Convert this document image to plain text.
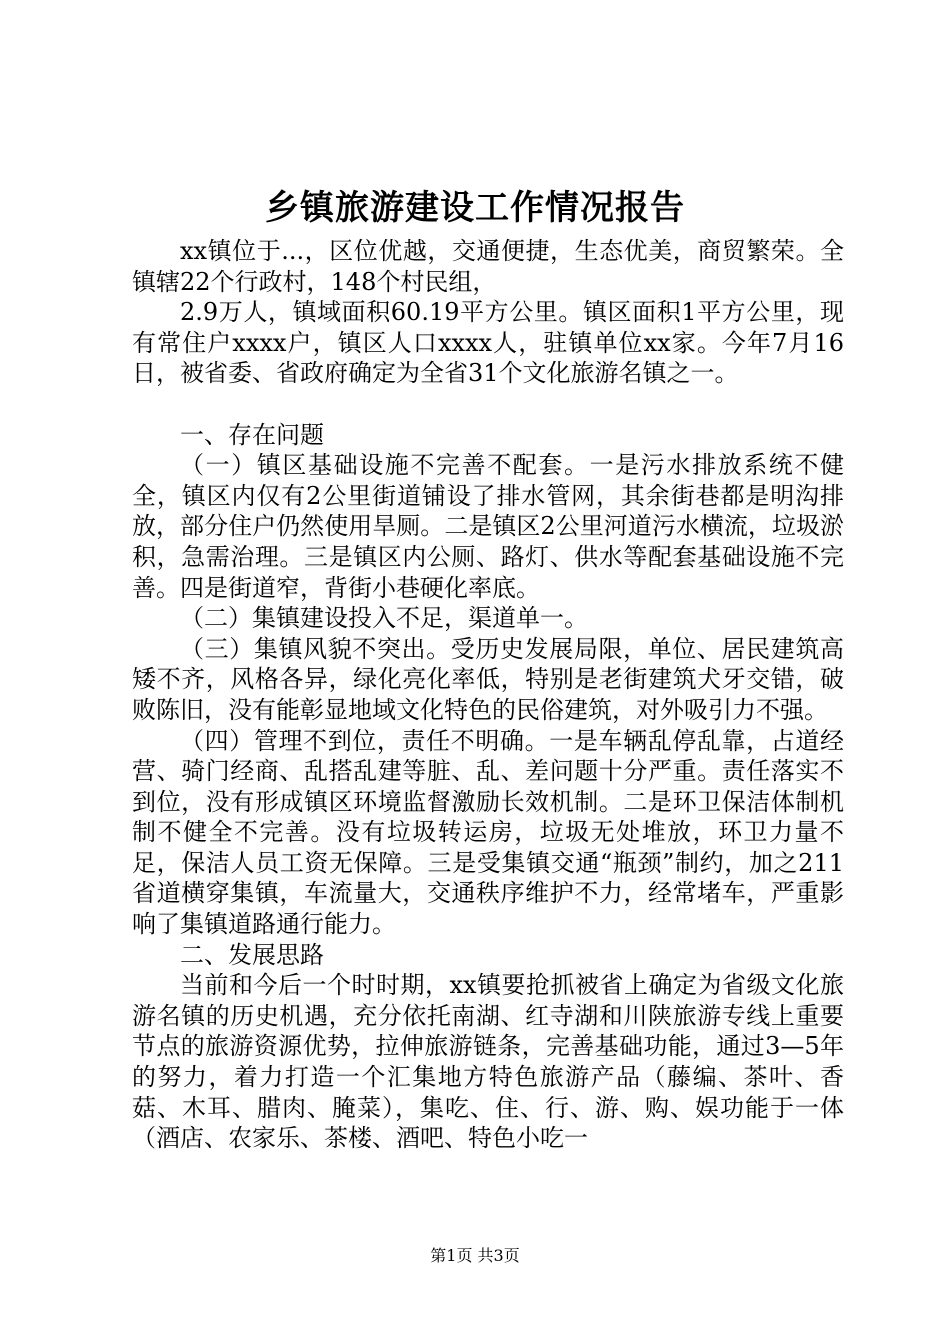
乡镇旅游建设工作情况报告

xx镇位于...，区位优越，交通便捷，生态优美，商贸繁荣。全镇辖22个行政村，148个村民组，

2.9万人，镇域面积60.19平方公里。镇区面积1平方公里，现有常住户xxxx户，镇区人口xxxx人，驻镇单位xx家。今年7月16日，被省委、省政府确定为全省31个文化旅游名镇之一。

一、存在问题

（一）镇区基础设施不完善不配套。一是污水排放系统不健全，镇区内仅有2公里街道铺设了排水管网，其余街巷都是明沟排放，部分住户仍然使用旱厕。二是镇区2公里河道污水横流，垃圾淤积，急需治理。三是镇区内公厕、路灯、供水等配套基础设施不完善。四是街道窄，背街小巷硬化率底。

（二）集镇建设投入不足，渠道单一。

（三）集镇风貌不突出。受历史发展局限，单位、居民建筑高矮不齐，风格各异，绿化亮化率低，特别是老街建筑犬牙交错，破败陈旧，没有能彰显地域文化特色的民俗建筑，对外吸引力不强。

（四）管理不到位，责任不明确。一是车辆乱停乱靠，占道经营、骑门经商、乱搭乱建等脏、乱、差问题十分严重。责任落实不到位，没有形成镇区环境监督激励长效机制。二是环卫保洁体制机制不健全不完善。没有垃圾转运房，垃圾无处堆放，环卫力量不足，保洁人员工资无保障。三是受集镇交通“瓶颈”制约，加之211省道横穿集镇，车流量大，交通秩序维护不力，经常堵车，严重影响了集镇道路通行能力。

二、发展思路

当前和今后一个时时期，xx镇要抢抓被省上确定为省级文化旅游名镇的历史机遇，充分依托南湖、红寺湖和川陕旅游专线上重要节点的旅游资源优势，拉伸旅游链条，完善基础功能，通过3—5年的努力，着力打造一个汇集地方特色旅游产品（藤编、茶叶、香菇、木耳、腊肉、腌菜），集吃、住、行、游、购、娱功能于一体（酒店、农家乐、茶楼、酒吧、特色小吃一

第1页 共3页
